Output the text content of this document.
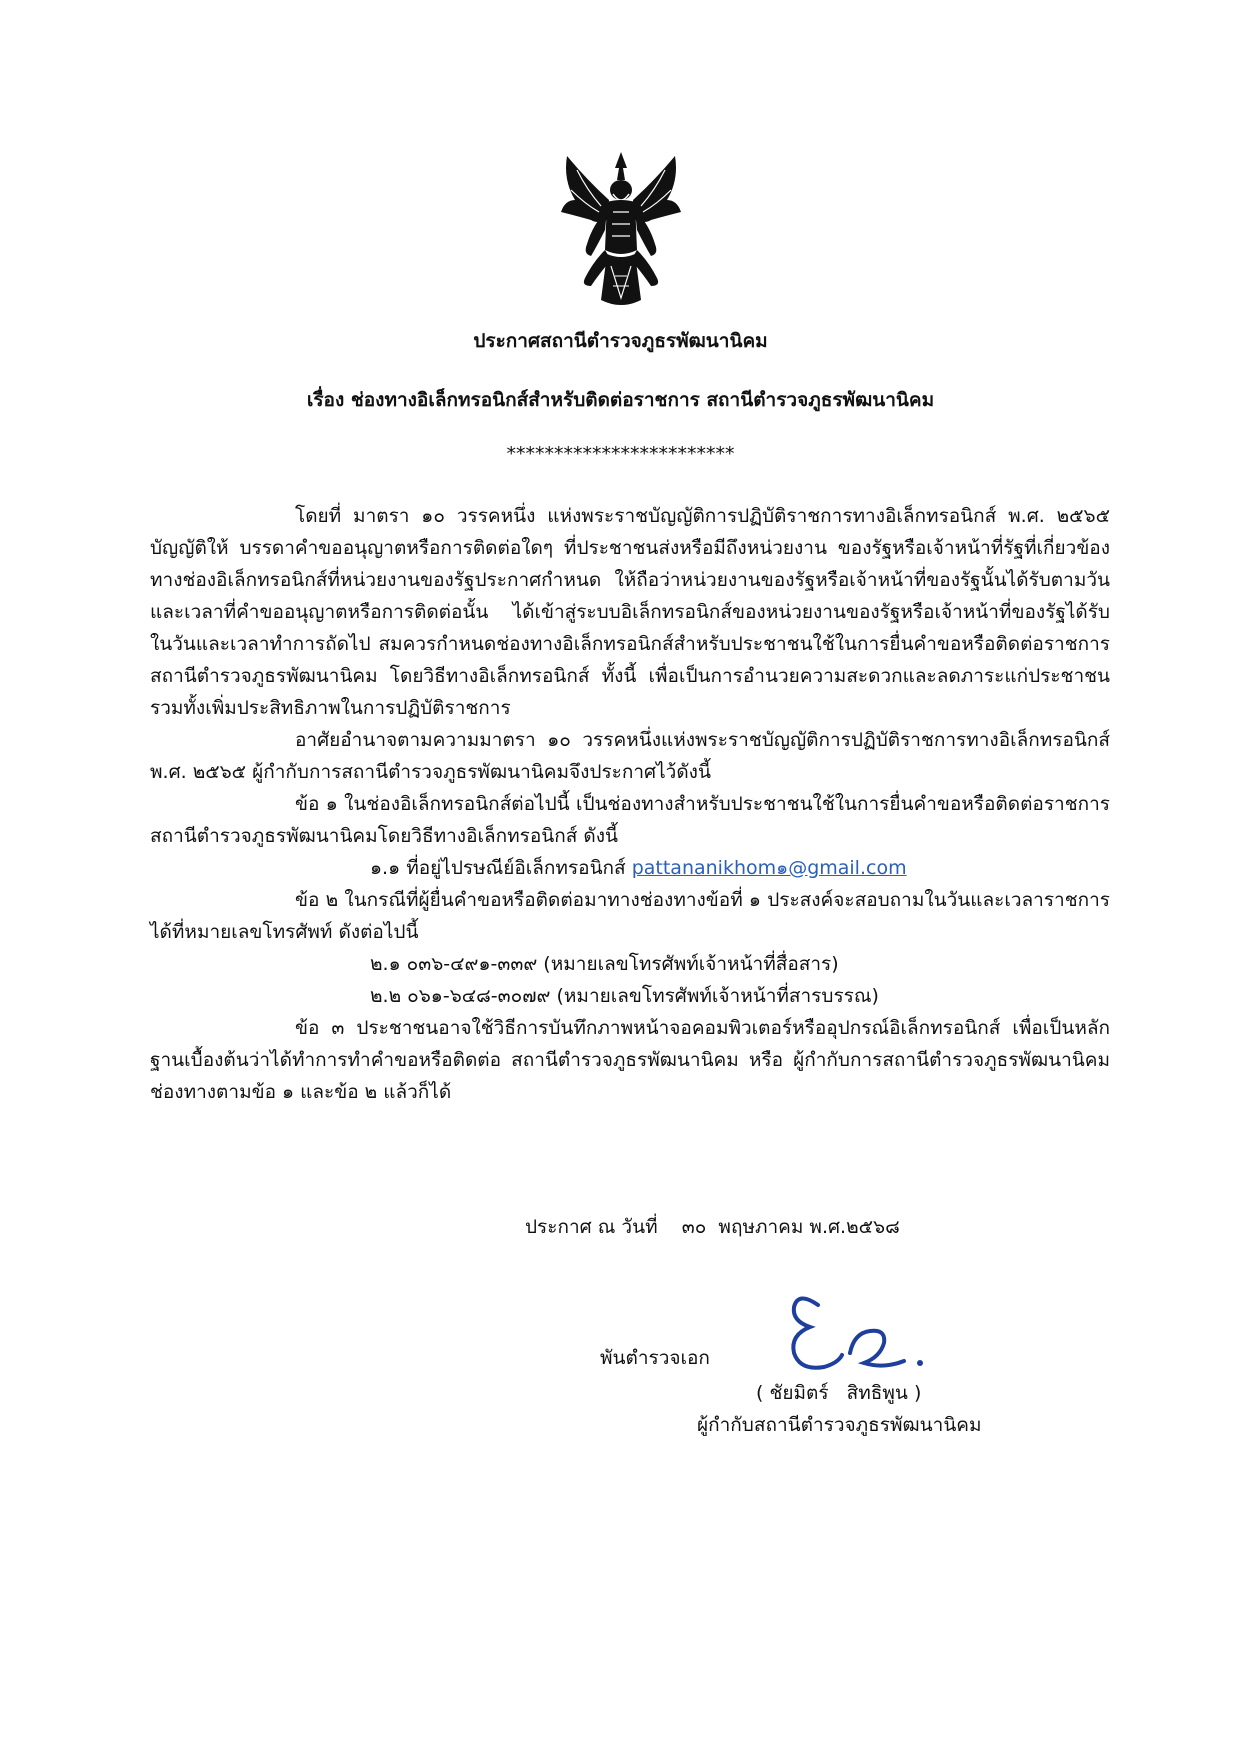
ประกาศสถานีตำรวจภูธรพัฒนานิคม
เรื่อง ช่องทางอิเล็กทรอนิกส์สำหรับติดต่อราชการ สถานีตำรวจภูธรพัฒนานิคม
************************

โดยที่ มาตรา ๑๐ วรรคหนึ่ง แห่งพระราชบัญญัติการปฏิบัติราชการทางอิเล็กทรอนิกส์ พ.ศ. ๒๕๖๕ บัญญัติให้ บรรดาคำขออนุญาตหรือการติดต่อใดๆ ที่ประชาชนส่งหรือมีถึงหน่วยงาน ของรัฐหรือเจ้าหน้าที่รัฐที่เกี่ยวข้องทางช่องอิเล็กทรอนิกส์ที่หน่วยงานของรัฐประกาศกำหนด ให้ถือว่าหน่วยงานของรัฐหรือเจ้าหน้าที่ของรัฐนั้นได้รับตามวันและเวลาที่คำขออนุญาตหรือการติดต่อนั้น ได้เข้าสู่ระบบอิเล็กทรอนิกส์ของหน่วยงานของรัฐหรือเจ้าหน้าที่ของรัฐได้รับในวันและเวลาทำการถัดไป สมควรกำหนดช่องทางอิเล็กทรอนิกส์สำหรับประชาชนใช้ในการยื่นคำขอหรือติดต่อราชการสถานีตำรวจภูธรพัฒนานิคม โดยวิธีทางอิเล็กทรอนิกส์ ทั้งนี้ เพื่อเป็นการอำนวยความสะดวกและลดภาระแก่ประชาชน รวมทั้งเพิ่มประสิทธิภาพในการปฏิบัติราชการ

อาศัยอำนาจตามความมาตรา ๑๐ วรรคหนึ่งแห่งพระราชบัญญัติการปฏิบัติราชการทางอิเล็กทรอนิกส์ พ.ศ. ๒๕๖๕ ผู้กำกับการสถานีตำรวจภูธรพัฒนานิคมจึงประกาศไว้ดังนี้

ข้อ ๑ ในช่องอิเล็กทรอนิกส์ต่อไปนี้ เป็นช่องทางสำหรับประชาชนใช้ในการยื่นคำขอหรือติดต่อราชการสถานีตำรวจภูธรพัฒนานิคมโดยวิธีทางอิเล็กทรอนิกส์ ดังนี้

๑.๑ ที่อยู่ไปรษณีย์อิเล็กทรอนิกส์ pattananikhom๑@gmail.com

ข้อ ๒ ในกรณีที่ผู้ยื่นคำขอหรือติดต่อมาทางช่องทางข้อที่ ๑ ประสงค์จะสอบถามในวันและเวลาราชการได้ที่หมายเลขโทรศัพท์ ดังต่อไปนี้

๒.๑ ๐๓๖-๔๙๑-๓๓๙ (หมายเลขโทรศัพท์เจ้าหน้าที่สื่อสาร)

๒.๒ ๐๖๑-๖๔๘-๓๐๗๙ (หมายเลขโทรศัพท์เจ้าหน้าที่สารบรรณ)

ข้อ ๓ ประชาชนอาจใช้วิธีการบันทึกภาพหน้าจอคอมพิวเตอร์หรืออุปกรณ์อิเล็กทรอนิกส์ เพื่อเป็นหลักฐานเบื้องต้นว่าได้ทำการทำคำขอหรือติดต่อ สถานีตำรวจภูธรพัฒนานิคม หรือ ผู้กำกับการสถานีตำรวจภูธรพัฒนานิคม ช่องทางตามข้อ ๑ และข้อ ๒ แล้วก็ได้

ประกาศ ณ วันที่    ๓๐  พฤษภาคม พ.ศ.๒๕๖๘
พันตำรวจเอก
( ชัยมิตร์   สิทธิพูน )
ผู้กำกับสถานีตำรวจภูธรพัฒนานิคม
